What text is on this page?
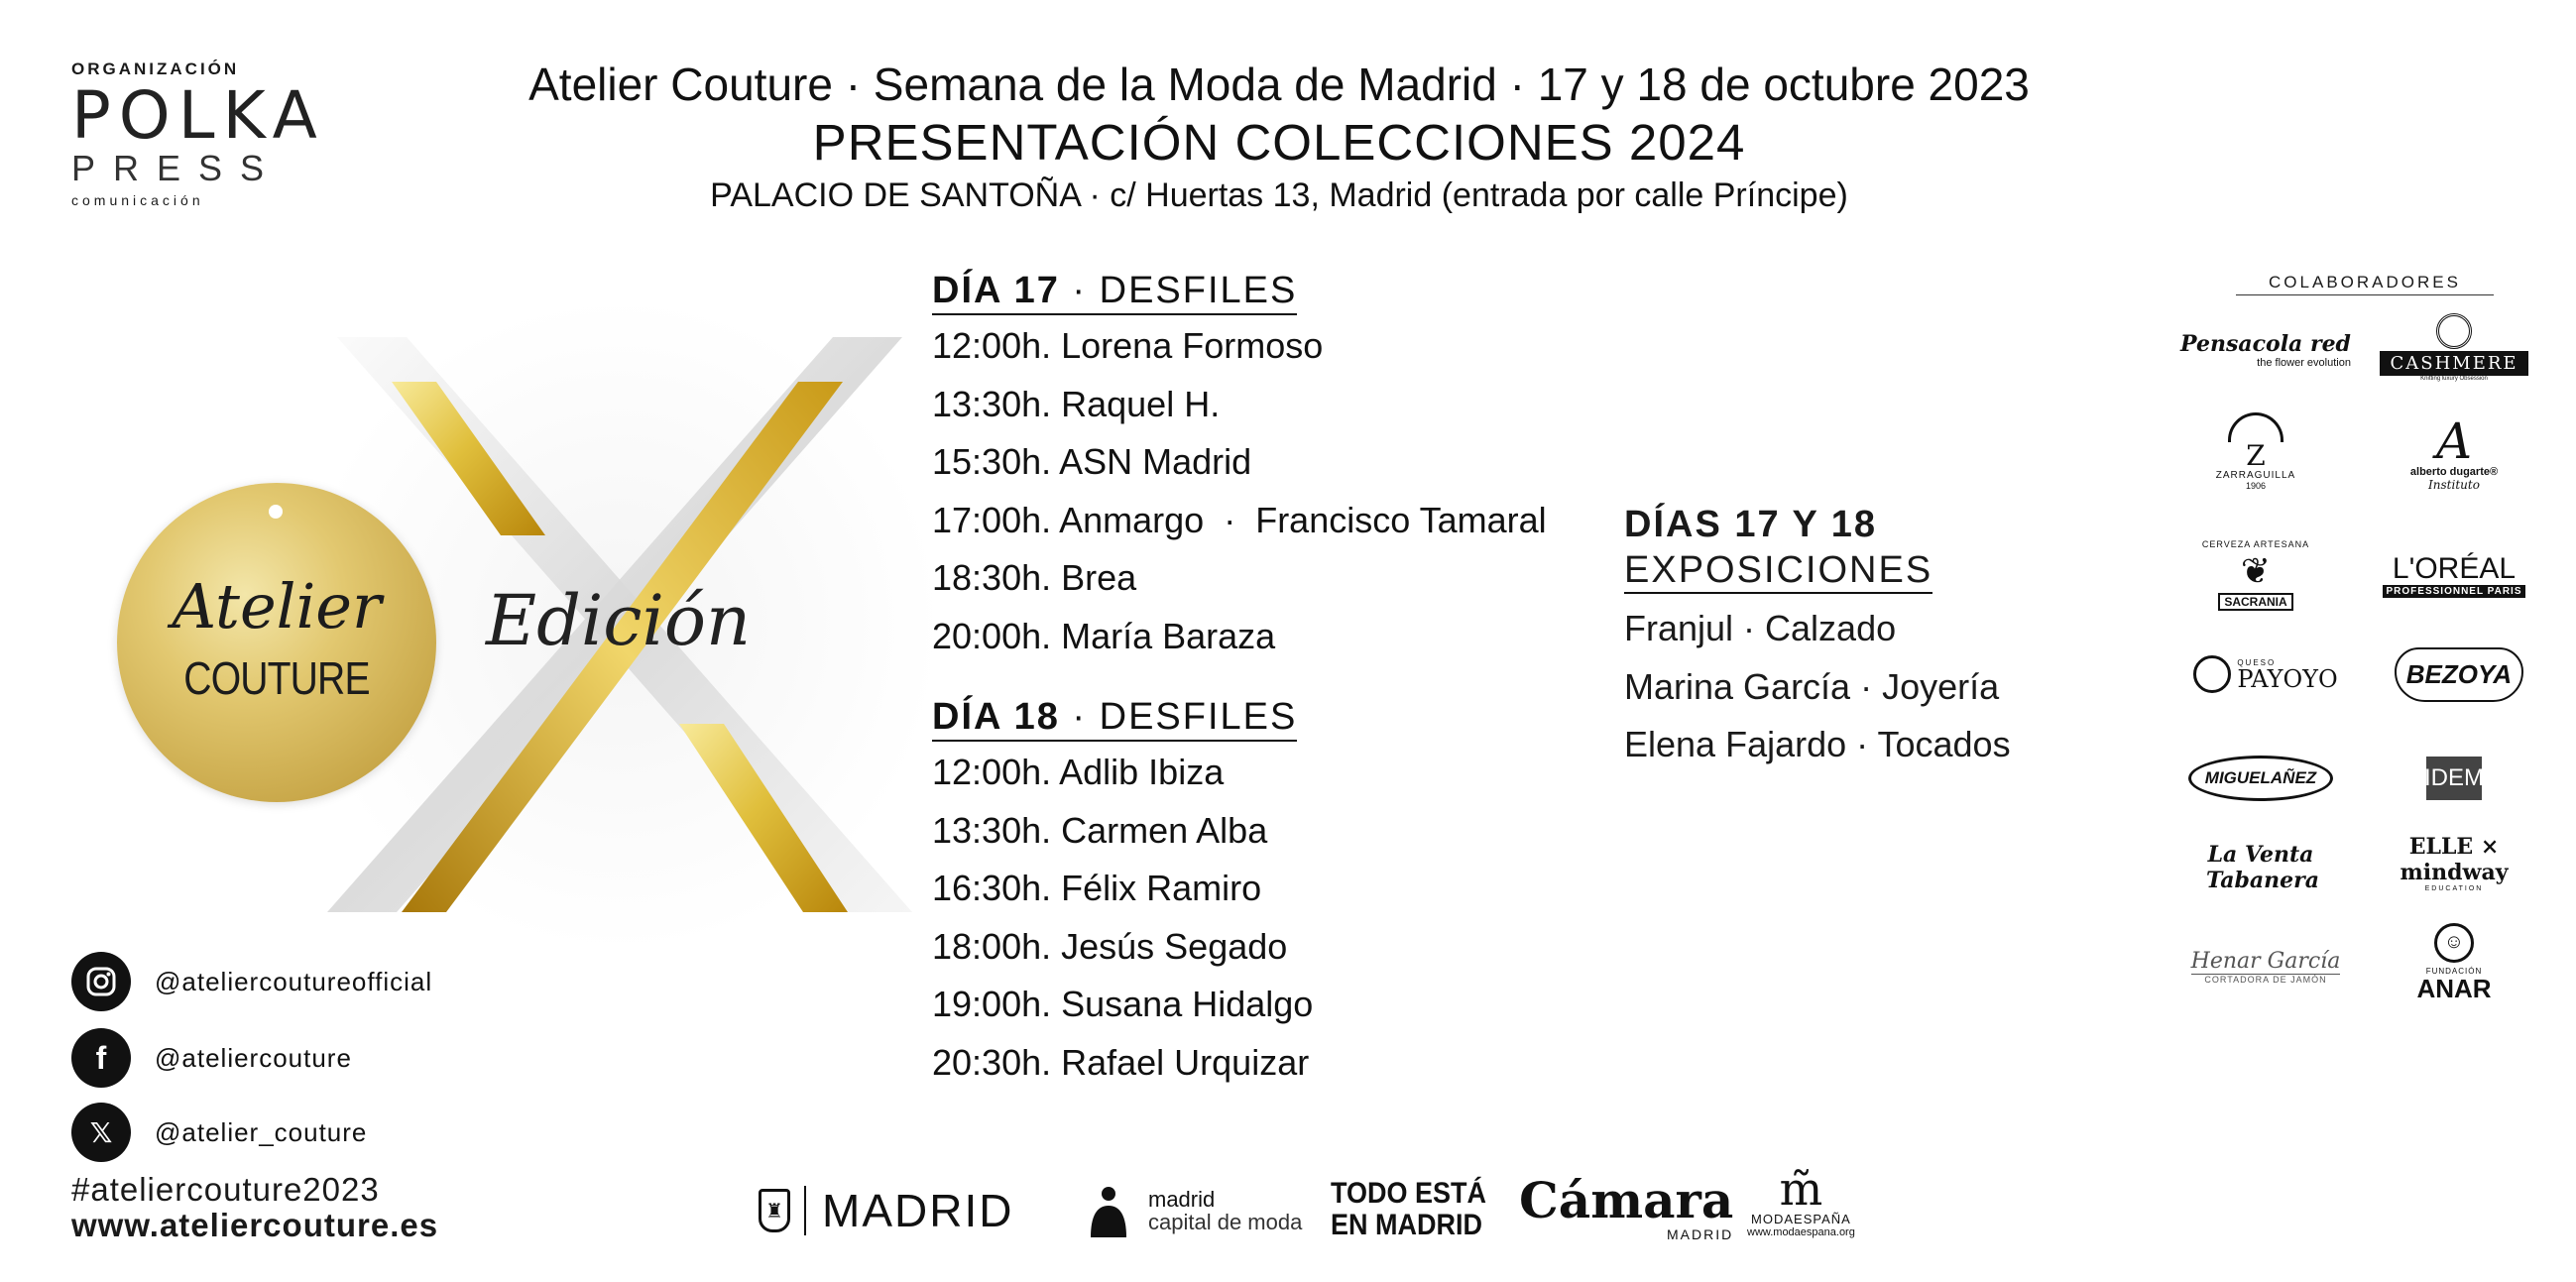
ORGANIZACIÓN
POLKA
PRESS
comunicación
Atelier Couture · Semana de la Moda de Madrid · 17 y 18 de octubre 2023
PRESENTACIÓN COLECCIONES 2024
PALACIO DE SANTOÑA · c/ Huertas 13, Madrid (entrada por calle Príncipe)
Atelier
COUTURE
Edición
DÍA 17 · DESFILES
12:00h. Lorena Formoso
13:30h. Raquel H.
15:30h. ASN Madrid
17:00h. Anmargo  ·  Francisco Tamaral
18:30h. Brea
20:00h. María Baraza
DÍA 18 · DESFILES
12:00h. Adlib Ibiza
13:30h. Carmen Alba
16:30h. Félix Ramiro
18:00h. Jesús Segado
19:00h. Susana Hidalgo
20:30h. Rafael Urquizar
DÍAS 17 Y 18
EXPOSICIONES
Franjul · Calzado
Marina García · Joyería
Elena Fajardo · Tocados
COLABORADORES
Pensacola red
the flower evolution	CASHMERE
Knitting luxury Obsession
Z
ZARRAGUILLA
1906
A
alberto dugarte®
Instituto
CERVEZA ARTESANA
❦
SACRANIA
L'ORÉAL
PROFESSIONNEL PARIS
QUESO
PAYOYO	BEZOYA
MIGUELAÑEZ	IDEM
La Venta Tabanera
ELLE × mindway
EDUCATION
Henar García
CORTADORA DE JAMÓN
☺
FUNDACIÓN
ANAR
@ateliercoutureofficial
f	@ateliercouture
𝕏	@atelier_couture
#ateliercouture2023
www.ateliercouture.es	♜ MADRID	madrid
capital de moda
TODO ESTÁ
EN MADRID Cámara
MADRID
m̃
MODAESPAÑA
www.modaespana.org
